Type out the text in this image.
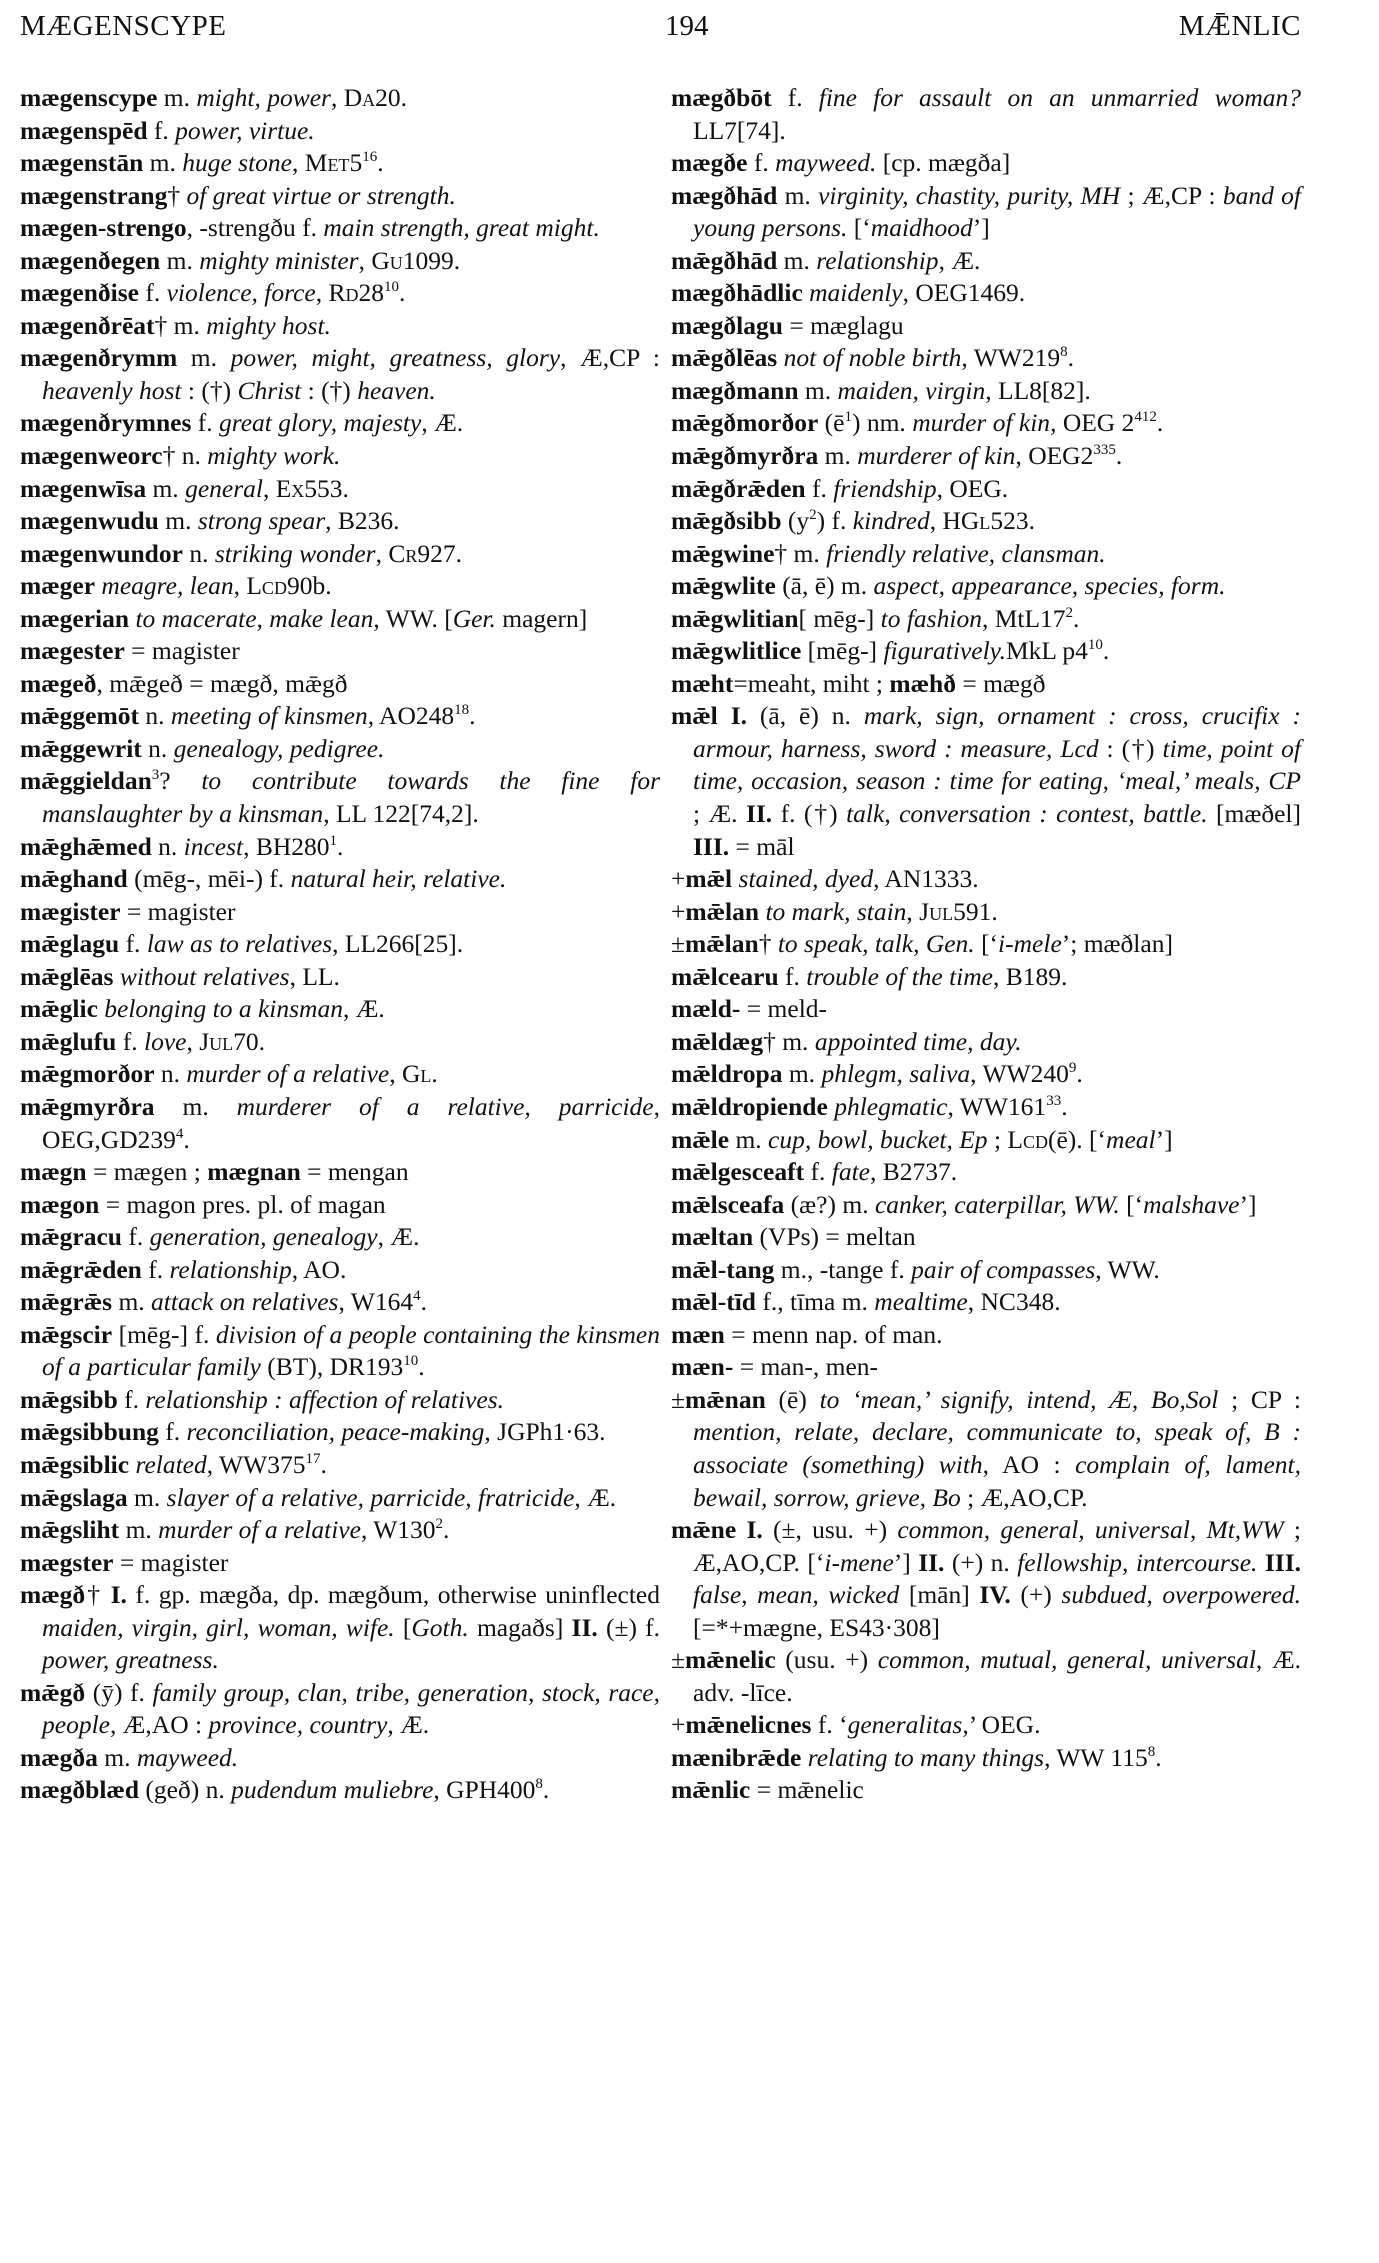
MÆGENSCYPE	194	MǢNLIC
mægenscype m. might, power, Da20.
mægenspēd f. power, virtue.
mægenstān m. huge stone, $Met5^{16}$.
mægenstrang† of great virtue or strength.
mægen-strengo, -strengðu f. main strength, great might.
mægenðegen m. mighty minister, Gu1099.
mægenðise f. violence, force, $Rd28^{10}$.
mægenðrēat† m. mighty host.
mægenðrymm m. power, might, greatness, glory, Æ,CP : heavenly host : (†) Christ : (†) heaven.
mægenðrymnes f. great glory, majesty, Æ.
mægenweorc† n. mighty work.
mægenwīsa m. general, Ex553.
mægenwudu m. strong spear, B236.
mægenwundor n. striking wonder, Cr927.
mæger meagre, lean, Lcd90b.
mægerian to macerate, make lean, WW. [Ger. magern]
mægester = magister
mægeð, mǣgeð = mægð, mǣgð
mǣggemōt n. meeting of kinsmen, $AO248^{18}$.
mǣggewrit n. genealogy, pedigree.
mǣggieldan$^3$? to contribute towards the fine for manslaughter by a kinsman, LL 122[74,2].
mǣghǣmed n. incest, $BH280^1$.
mǣghand (mēg-, mēi-) f. natural heir, relative.
mægister = magister
mǣglagu f. law as to relatives, LL266[25].
mǣglēas without relatives, LL.
mǣglic belonging to a kinsman, Æ.
mǣglufu f. love, Jul70.
mǣgmorðor n. murder of a relative, Gl.
mǣgmyrðra m. murderer of a relative, parricide, $OEG,GD239^4$.
mægn = mægen ; mægnan = mengan
mægon = magon pres. pl. of magan
mǣgracu f. generation, genealogy, Æ.
mǣgrǣden f. relationship, AO.
mǣgrǣs m. attack on relatives, $W164^4$.
mǣgscir [mēg-] f. division of a people containing the kinsmen of a particular family (BT), $DR193^{10}$.
mǣgsibb f. relationship : affection of relatives.
mǣgsibbung f. reconciliation, peace-making, JGPh1·63.
mǣgsiblic related, $WW375^{17}$.
mǣgslaga m. slayer of a relative, parricide, fratricide, Æ.
mǣgsliht m. murder of a relative, $W130^2$.
mægster = magister
mægð† I. f. gp. mægða, dp. mægðum, otherwise uninflected maiden, virgin, girl, woman, wife. [Goth. magaðs] II. (±) f. power, greatness.
mǣgð (ȳ) f. family group, clan, tribe, generation, stock, race, people, Æ,AO : province, country, Æ.
mægða m. mayweed.
mægðblæd (geð) n. pudendum muliebre, $GPH400^8$.
mægðbōt f. fine for assault on an unmarried woman? LL7[74].
mægðe f. mayweed. [cp. mægða]
mægðhād m. virginity, chastity, purity, MH ; Æ,CP : band of young persons. [‘maidhood’]
mǣgðhād m. relationship, Æ.
mægðhādlic maidenly, OEG1469.
mægðlagu = mæglagu
mǣgðlēas not of noble birth, $WW219^8$.
mægðmann m. maiden, virgin, LL8[82].
mǣgðmorðor $(ē^1)$ nm. murder of kin, OEG $2^{412}$.
mǣgðmyrðra m. murderer of kin, $OEG2^{335}$.
mǣgðrǣden f. friendship, OEG.
mǣgðsibb $(y^2)$ f. kindred, HGl523.
mǣgwine† m. friendly relative, clansman.
mǣgwlite (ā, ē) m. aspect, appearance, species, form.
mǣgwlitian[ mēg-] to fashion, $MtL17^2$.
mǣgwlitlice [mēg-] figuratively.MkL $p4^{10}$.
mæht=meaht, miht ; mæhð = mægð
mǣl I. (ā, ē) n. mark, sign, ornament : cross, crucifix : armour, harness, sword : measure, Lcd : (†) time, point of time, occasion, season : time for eating, ‘meal,’ meals, CP ; Æ. II. f. (†) talk, conversation : contest, battle. [mæðel] III. = māl
+mǣl stained, dyed, AN1333.
+mǣlan to mark, stain, Jul591.
±mǣlan† to speak, talk, Gen. [‘i-mele’; mæðlan]
mǣlcearu f. trouble of the time, B189.
mæld- = meld-
mǣldæg† m. appointed time, day.
mǣldropa m. phlegm, saliva, $WW240^9$.
mǣldropiende phlegmatic, $WW161^{33}$.
mǣle m. cup, bowl, bucket, Ep ; Lcd(ē). [‘meal’]
mǣlgesceaft f. fate, B2737.
mǣlsceafa (æ?) m. canker, caterpillar, WW. [‘malshave’]
mæltan (VPs) = meltan
mǣl-tang m., -tange f. pair of compasses, WW.
mǣl-tīd f., tīma m. mealtime, NC348.
mæn = menn nap. of man.
mæn- = man-, men-
±mǣnan (ē) to ‘mean,’ signify, intend, Æ, Bo,Sol ; CP : mention, relate, declare, communicate to, speak of, B : associate (something) with, AO : complain of, lament, bewail, sorrow, grieve, Bo ; Æ,AO,CP.
mǣne I. (±, usu. +) common, general, universal, Mt,WW ; Æ,AO,CP. [‘i-mene’] II. (+) n. fellowship, intercourse. III. false, mean, wicked [mān] IV. (+) subdued, overpowered. [=*+mægne, ES43·308]
±mǣnelic (usu. +) common, mutual, general, universal, Æ. adv. -līce.
+mǣnelicnes f. ‘generalitas,’ OEG.
mænibrǣde relating to many things, WW $115^8$.
mǣnlic = mǣnelic
